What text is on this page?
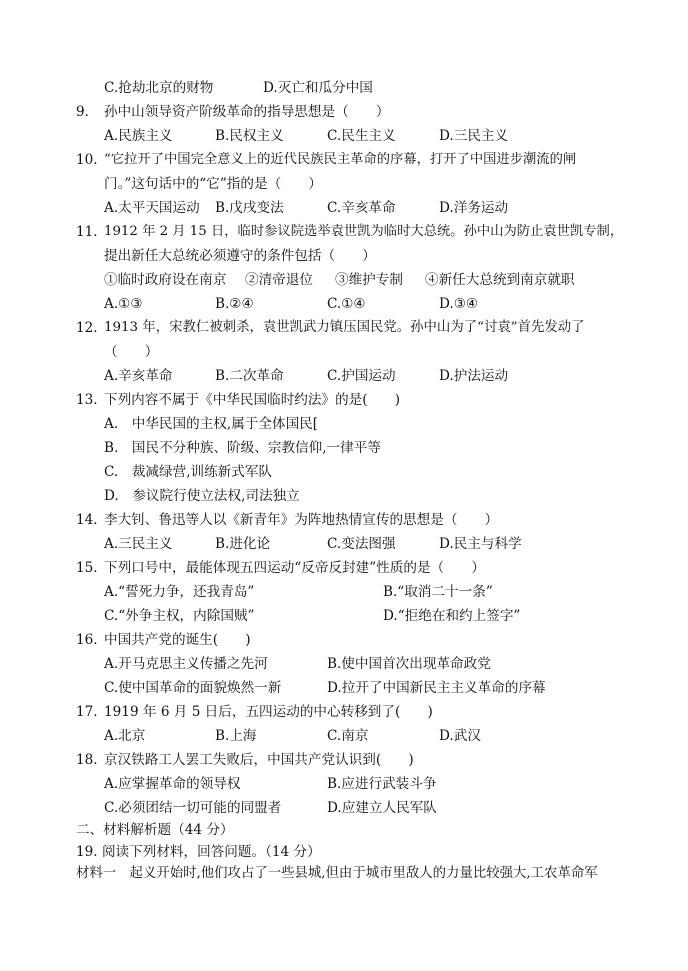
C.抢劫北京的财物	D.灭亡和瓜分中国
9. 孙中山领导资产阶级革命的指导思想是（　　）
A.民族主义	B.民权主义	C.民生主义	D.三民主义
10. “它拉开了中国完全意义上的近代民族民主革命的序幕，打开了中国进步潮流的闸
门。”这句话中的“它”指的是（　　）
A.太平天国运动 B.戊戌变法	C.辛亥革命	D.洋务运动
11. 1912 年 2 月 15 日，临时参议院选举袁世凯为临时大总统。孙中山为防止袁世凯专制，
提出新任大总统必须遵守的条件包括（　　）
①临时政府设在南京 ②清帝退位 ③维护专制 ④新任大总统到南京就职
A.①③	B.②④	C.①④	D.③④
12. 1913 年，宋教仁被刺杀，袁世凯武力镇压国民党。孙中山为了“讨袁”首先发动了
（　　）
A.辛亥革命	B.二次革命	C.护国运动	D.护法运动
13. 下列内容不属于《中华民国临时约法》的是(　　)
A.　中华民国的主权,属于全体国民[
B.　国民不分种族、阶级、宗教信仰,一律平等
C.　裁减绿营,训练新式军队
D.　参议院行使立法权,司法独立
14. 李大钊、鲁迅等人以《新青年》为阵地热情宣传的思想是（　　）
A.三民主义	B.进化论	C.变法图强	D.民主与科学
15. 下列口号中，最能体现五四运动“反帝反封建”性质的是（　　）
A.“誓死力争，还我青岛”	B.“取消二十一条”
C.“外争主权，内除国贼”	D.“拒绝在和约上签字”
16. 中国共产党的诞生(　　)
A.开马克思主义传播之先河	B.使中国首次出现革命政党
C.使中国革命的面貌焕然一新	D.拉开了中国新民主主义革命的序幕
17. 1919 年 6 月 5 日后，五四运动的中心转移到了(　　)
A.北京	B.上海	C.南京	D.武汉
18. 京汉铁路工人罢工失败后，中国共产党认识到(　　)
A.应掌握革命的领导权	B.应进行武装斗争
C.必须团结一切可能的同盟者	D.应建立人民军队
二、材料解析题（44 分）
19. 阅读下列材料，回答问题。（14 分）
材料一　起义开始时,他们攻占了一些县城,但由于城市里敌人的力量比较强大,工农革命军
